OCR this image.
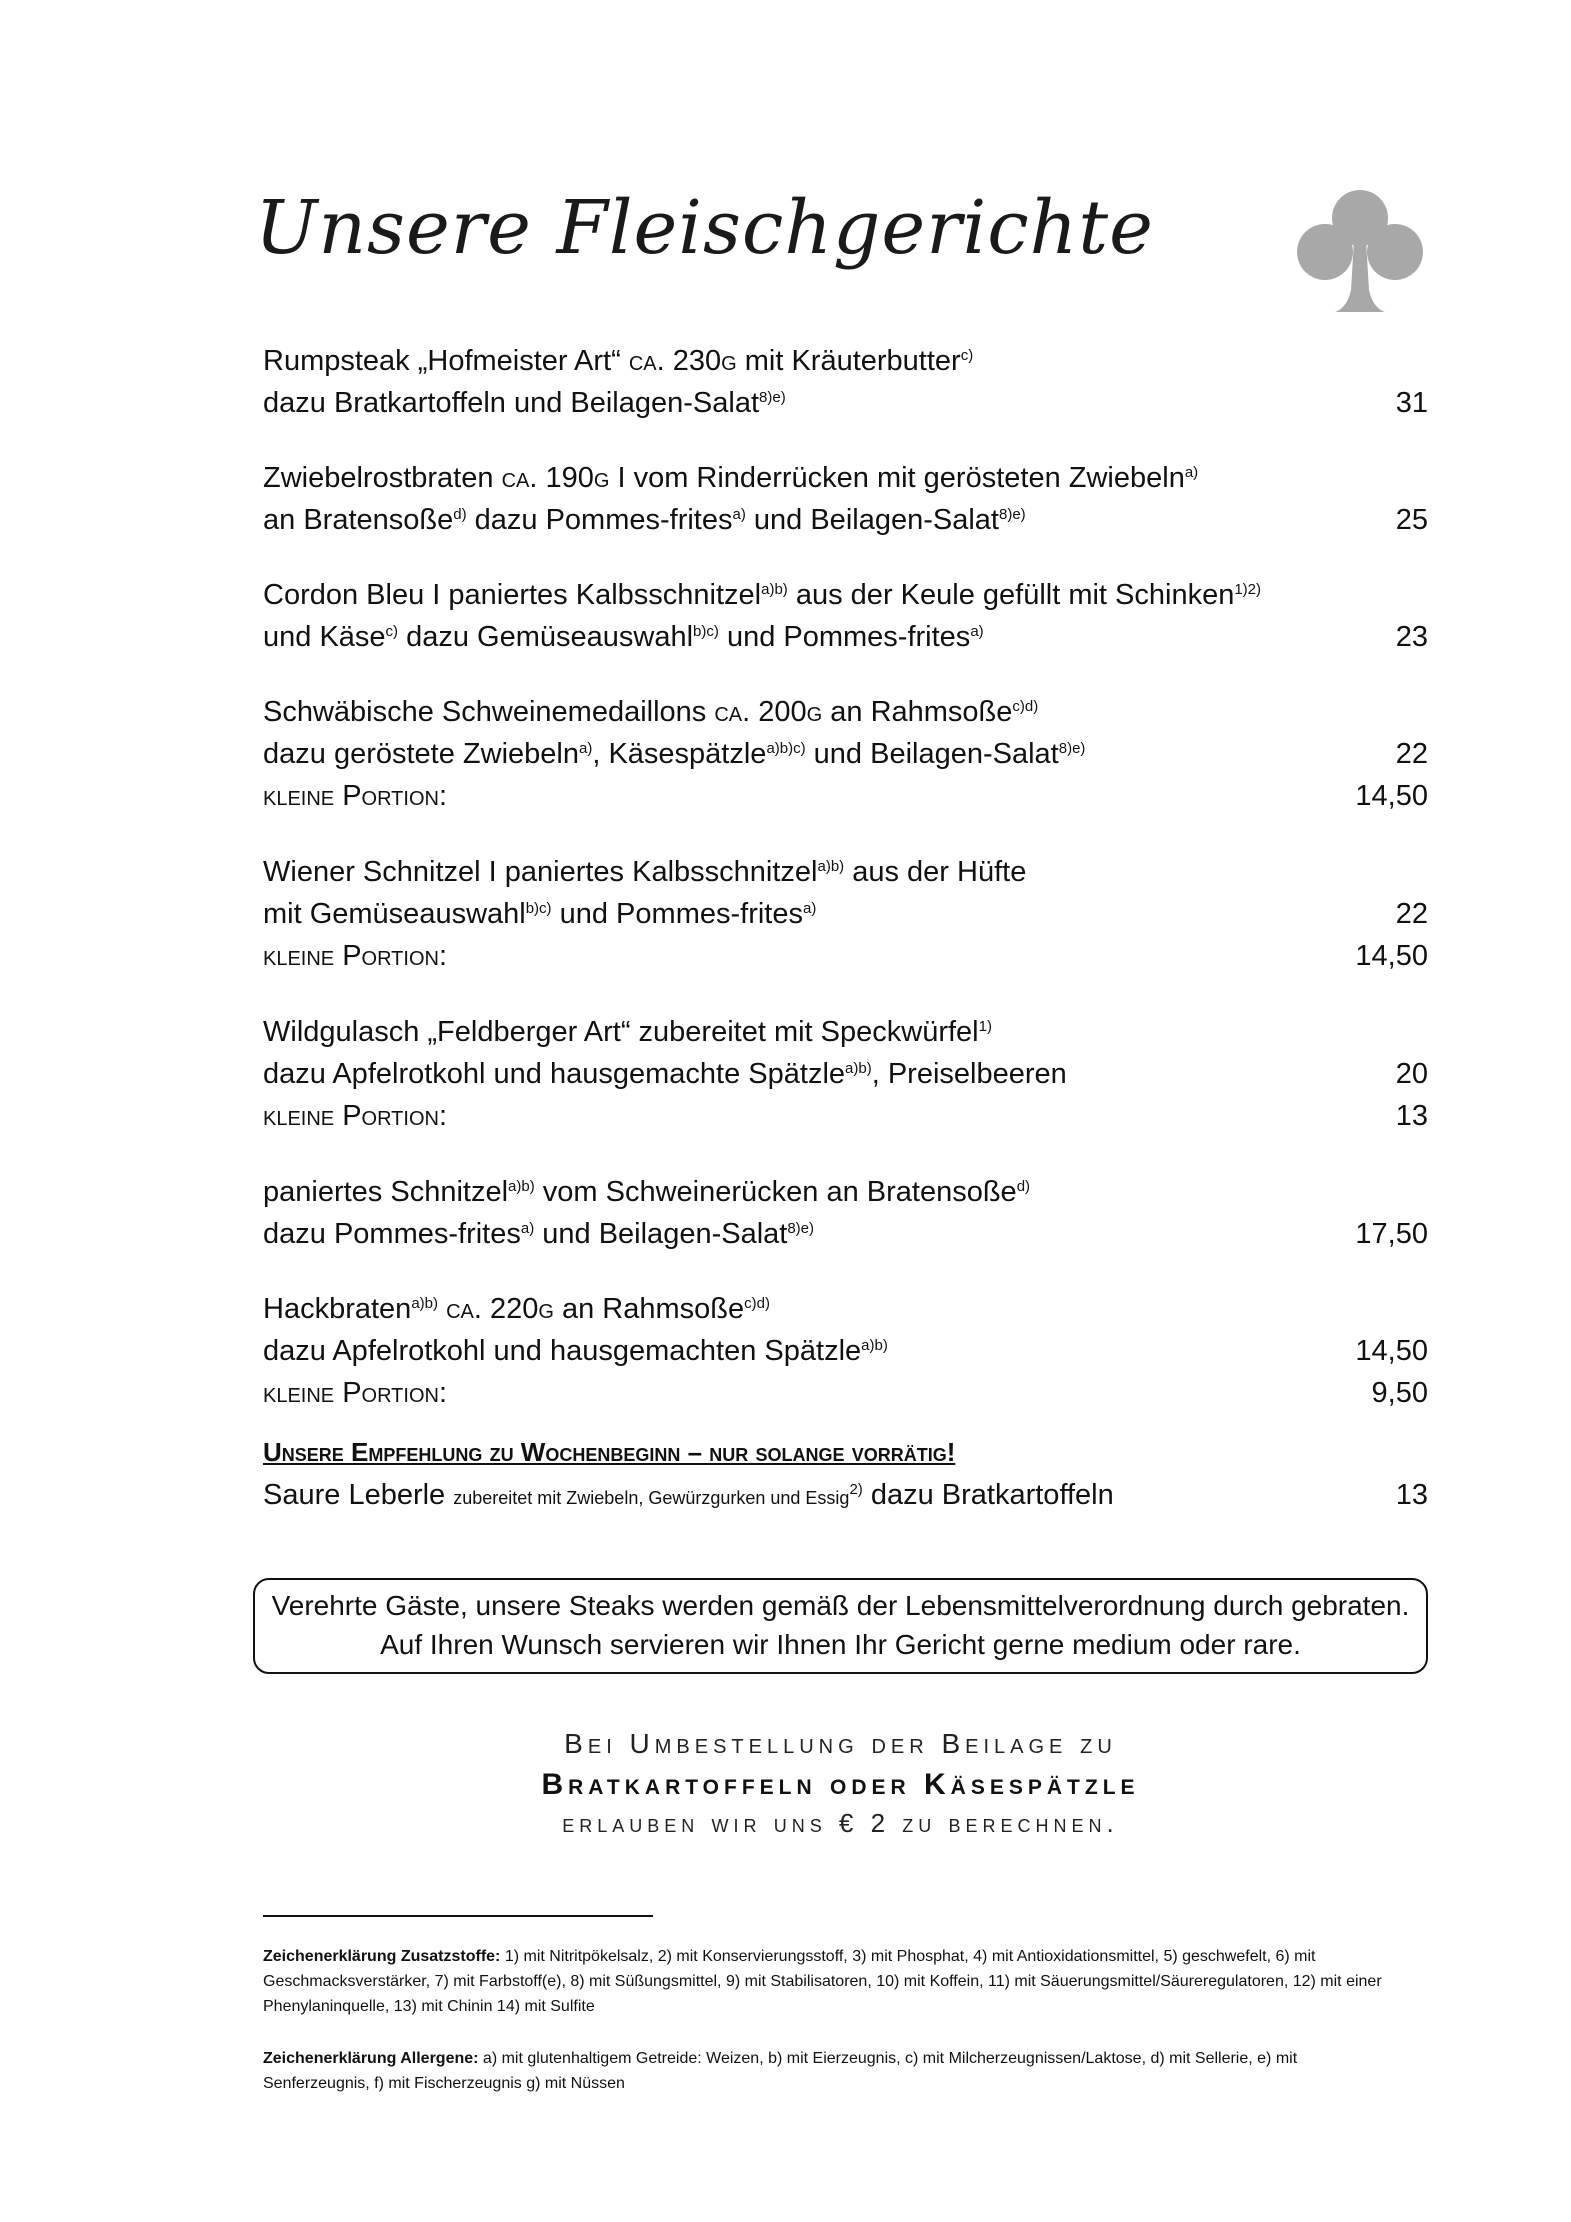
Unsere Fleischgerichte
Rumpsteak „Hofmeister Art“ ca. 230g mit Kräuterbutter$^{c)}$
dazu Bratkartoffeln und Beilagen-Salat$^{8)e)}$	31
Zwiebelrostbraten ca. 190g I vom Rinderrücken mit gerösteten Zwiebeln$^{a)}$
an Bratensoße$^{d)}$ dazu Pommes-frites$^{a)}$ und Beilagen-Salat$^{8)e)}$	25
Cordon Bleu I paniertes Kalbsschnitzel$^{a)b)}$ aus der Keule gefüllt mit Schinken$^{1)2)}$
und Käse$^{c)}$ dazu Gemüseauswahl$^{b)c)}$ und Pommes-frites$^{a)}$	23
Schwäbische Schweinemedaillons ca. 200g an Rahmsoße$^{c)d)}$
dazu geröstete Zwiebeln$^{a)}$, Käsespätzle$^{a)b)c)}$ und Beilagen-Salat$^{8)e)}$	22
kleine Portion:	14,50
Wiener Schnitzel I paniertes Kalbsschnitzel$^{a)b)}$ aus der Hüfte
mit Gemüseauswahl$^{b)c)}$ und Pommes-frites$^{a)}$	22
kleine Portion:	14,50
Wildgulasch „Feldberger Art“ zubereitet mit Speckwürfel$^{1)}$
dazu Apfelrotkohl und hausgemachte Spätzle$^{a)b)}$, Preiselbeeren	20
kleine Portion:	13
paniertes Schnitzel$^{a)b)}$ vom Schweinerücken an Bratensoße$^{d)}$
dazu Pommes-frites$^{a)}$ und Beilagen-Salat$^{8)e)}$	17,50
Hackbraten$^{a)b)}$ ca. 220g an Rahmsoße$^{c)d)}$
dazu Apfelrotkohl und hausgemachten Spätzle$^{a)b)}$	14,50
kleine Portion:	9,50
Unsere Empfehlung zu Wochenbeginn – nur solange vorrätig!
Saure Leberle zubereitet mit Zwiebeln, Gewürzgurken und Essig$^{2)}$ dazu Bratkartoffeln	13
Verehrte Gäste, unsere Steaks werden gemäß der Lebensmittelverordnung durch gebraten.
Auf Ihren Wunsch servieren wir Ihnen Ihr Gericht gerne medium oder rare.
Bei Umbestellung der Beilage zu
Bratkartoffeln oder Käsespätzle
erlauben wir uns € 2 zu berechnen.
Zeichenerklärung Zusatzstoffe: 1) mit Nitritpökelsalz, 2) mit Konservierungsstoff, 3) mit Phosphat, 4) mit Antioxidationsmittel, 5) geschwefelt, 6) mit Geschmacksverstärker, 7) mit Farbstoff(e), 8) mit Süßungsmittel, 9) mit Stabilisatoren, 10) mit Koffein, 11) mit Säuerungsmittel/Säureregulatoren, 12) mit einer Phenylaninquelle, 13) mit Chinin 14) mit Sulfite
Zeichenerklärung Allergene: a) mit glutenhaltigem Getreide: Weizen, b) mit Eierzeugnis, c) mit Milcherzeugnissen/Laktose, d) mit Sellerie, e) mit Senferzeugnis, f) mit Fischerzeugnis g) mit Nüssen
